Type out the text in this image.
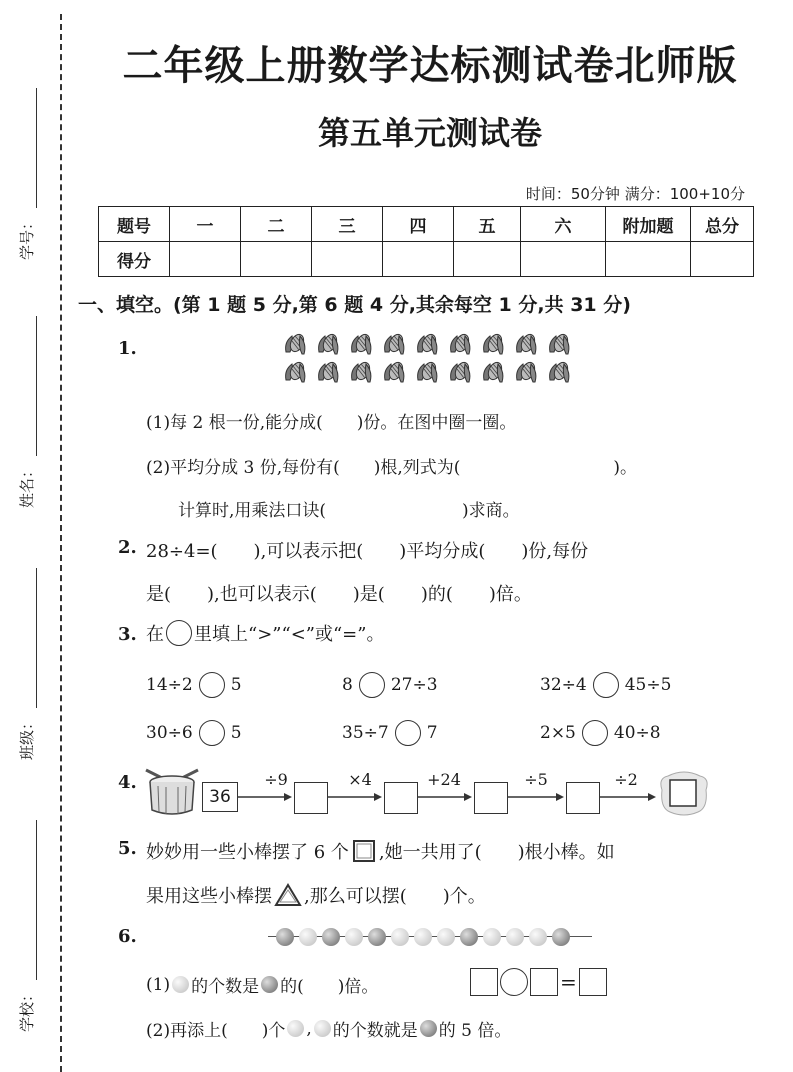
学号：
姓名：
班级：
学校：
二年级上册数学达标测试卷北师版
第五单元测试卷
时间：50分钟 满分：100+10分
题号	一	二	三	四	五	六	附加题	总分
得分								
一、填空。(第 1 题 5 分,第 6 题 4 分,其余每空 1 分,共 31 分)
1.
(1)每 2 根一份,能分成(　　)份。在图中圈一圈。
(2)平均分成 3 份,每份有(　　)根,列式为(　　　　　　　　　)。
计算时,用乘法口诀(　　　　　　　　)求商。
2. 28÷4=(　　),可以表示把(　　)平均分成(　　)份,每份
是(　　),也可以表示(　　)是(　　)的(　　)倍。
3. 在 里填上“>”“<”或“=”。
14÷2 5	8 27÷3	32÷4 45÷5
30÷6 5	35÷7 7	2×5 40÷8
4.
36
÷9	×4	+24	÷5	÷2
5. 妙妙用一些小棒摆了 6 个 ,她一共用了(　　)根小棒。如
果用这些小棒摆 ,那么可以摆(　　)个。
6.
(1) 的个数是 的(　　)倍。	=
(2)再添上(　　)个 , 的个数就是 的 5 倍。
